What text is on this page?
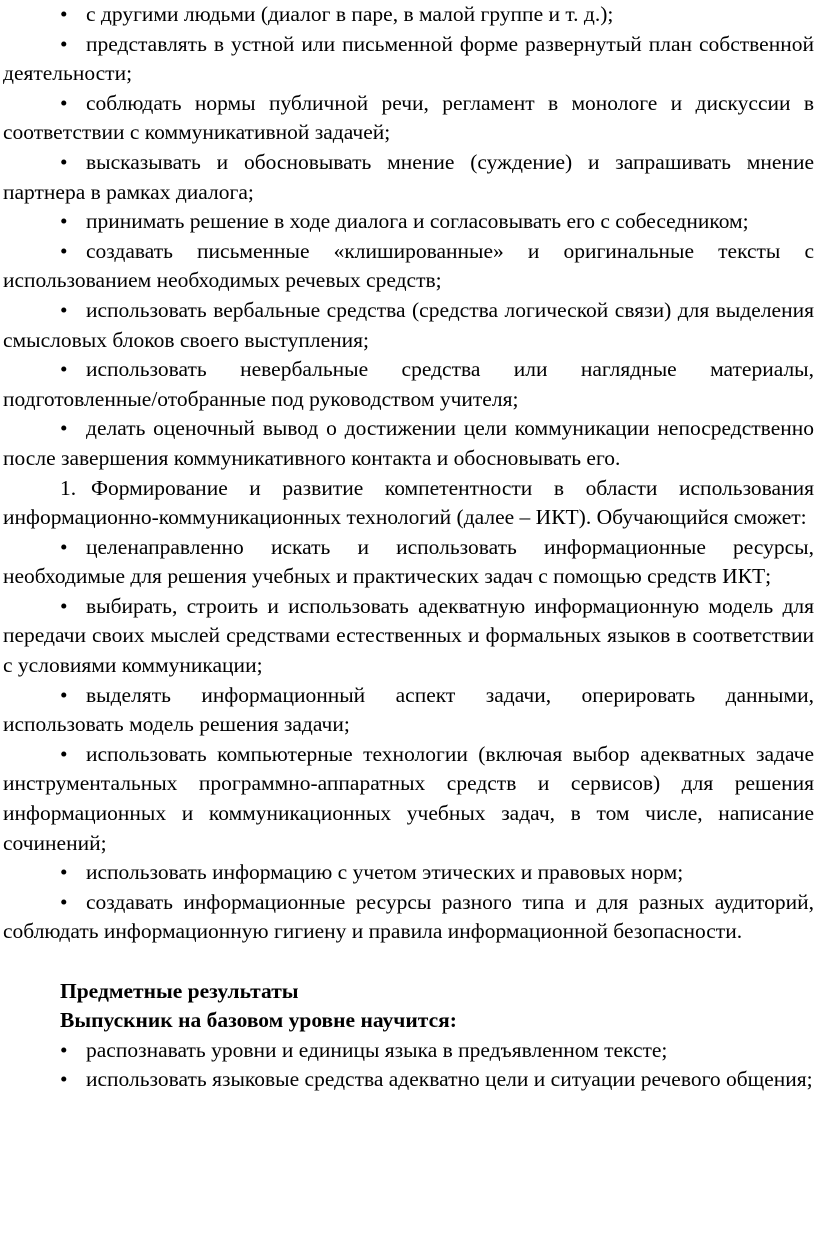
• с другими людьми (диалог в паре, в малой группе и т. д.);

• представлять в устной или письменной форме развернутый план собственной деятельности;

• соблюдать нормы публичной речи, регламент в монологе и дискуссии в соответствии с коммуникативной задачей;

• высказывать и обосновывать мнение (суждение) и запрашивать мнение партнера в рамках диалога;

• принимать решение в ходе диалога и согласовывать его с собеседником;

• создавать письменные «клишированные» и оригинальные тексты с использованием необходимых речевых средств;

• использовать вербальные средства (средства логической связи) для выделения смысловых блоков своего выступления;

• использовать невербальные средства или наглядные материалы, подготовленные/отобранные под руководством учителя;

• делать оценочный вывод о достижении цели коммуникации непосредственно после завершения коммуникативного контакта и обосновывать его.

1. Формирование и развитие компетентности в области использования информационно-коммуникационных технологий (далее – ИКТ). Обучающийся сможет:

• целенаправленно искать и использовать информационные ресурсы, необходимые для решения учебных и практических задач с помощью средств ИКТ;

• выбирать, строить и использовать адекватную информационную модель для передачи своих мыслей средствами естественных и формальных языков в соответствии с условиями коммуникации;

• выделять информационный аспект задачи, оперировать данными, использовать модель решения задачи;

• использовать компьютерные технологии (включая выбор адекватных задаче инструментальных программно-аппаратных средств и сервисов) для решения информационных и коммуникационных учебных задач, в том числе, написание сочинений;

• использовать информацию с учетом этических и правовых норм;

• создавать информационные ресурсы разного типа и для разных аудиторий, соблюдать информационную гигиену и правила информационной безопасности.

Предметные результаты

Выпускник на базовом уровне научится:

• распознавать уровни и единицы языка в предъявленном тексте;

• использовать языковые средства адекватно цели и ситуации речевого общения;
